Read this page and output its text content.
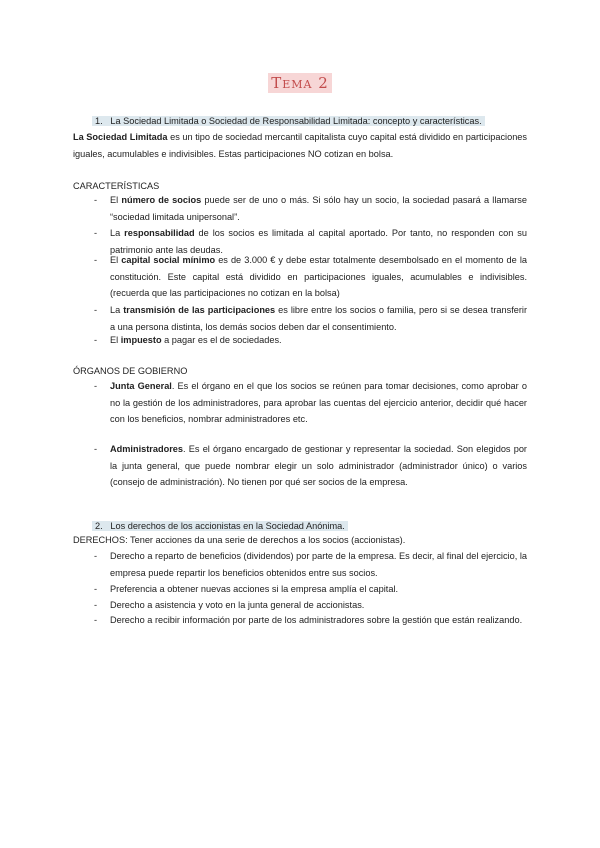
Tema 2
1. La Sociedad Limitada o Sociedad de Responsabilidad Limitada: concepto y características.
La Sociedad Limitada es un tipo de sociedad mercantil capitalista cuyo capital está dividido en participaciones iguales, acumulables e indivisibles. Estas participaciones NO cotizan en bolsa.
CARACTERÍSTICAS
- El número de socios puede ser de uno o más. Si sólo hay un socio, la sociedad pasará a llamarse “sociedad limitada unipersonal”.
- La responsabilidad de los socios es limitada al capital aportado. Por tanto, no responden con su patrimonio ante las deudas.
- El capital social mínimo es de 3.000 € y debe estar totalmente desembolsado en el momento de la constitución. Este capital está dividido en participaciones iguales, acumulables e indivisibles. (recuerda que las participaciones no cotizan en la bolsa)
- La transmisión de las participaciones es libre entre los socios o familia, pero si se desea transferir a una persona distinta, los demás socios deben dar el consentimiento.
- El impuesto a pagar es el de sociedades.
ÓRGANOS DE GOBIERNO
- Junta General. Es el órgano en el que los socios se reúnen para tomar decisiones, como aprobar o no la gestión de los administradores, para aprobar las cuentas del ejercicio anterior, decidir qué hacer con los beneficios, nombrar administradores etc.
- Administradores. Es el órgano encargado de gestionar y representar la sociedad. Son elegidos por la junta general, que puede nombrar elegir un solo administrador (administrador único) o varios (consejo de administración). No tienen por qué ser socios de la empresa.
2. Los derechos de los accionistas en la Sociedad Anónima.
DERECHOS: Tener acciones da una serie de derechos a los socios (accionistas).
- Derecho a reparto de beneficios (dividendos) por parte de la empresa. Es decir, al final del ejercicio, la empresa puede repartir los beneficios obtenidos entre sus socios.
- Preferencia a obtener nuevas acciones si la empresa amplía el capital.
- Derecho a asistencia y voto en la junta general de accionistas.
- Derecho a recibir información por parte de los administradores sobre la gestión que están realizando.
